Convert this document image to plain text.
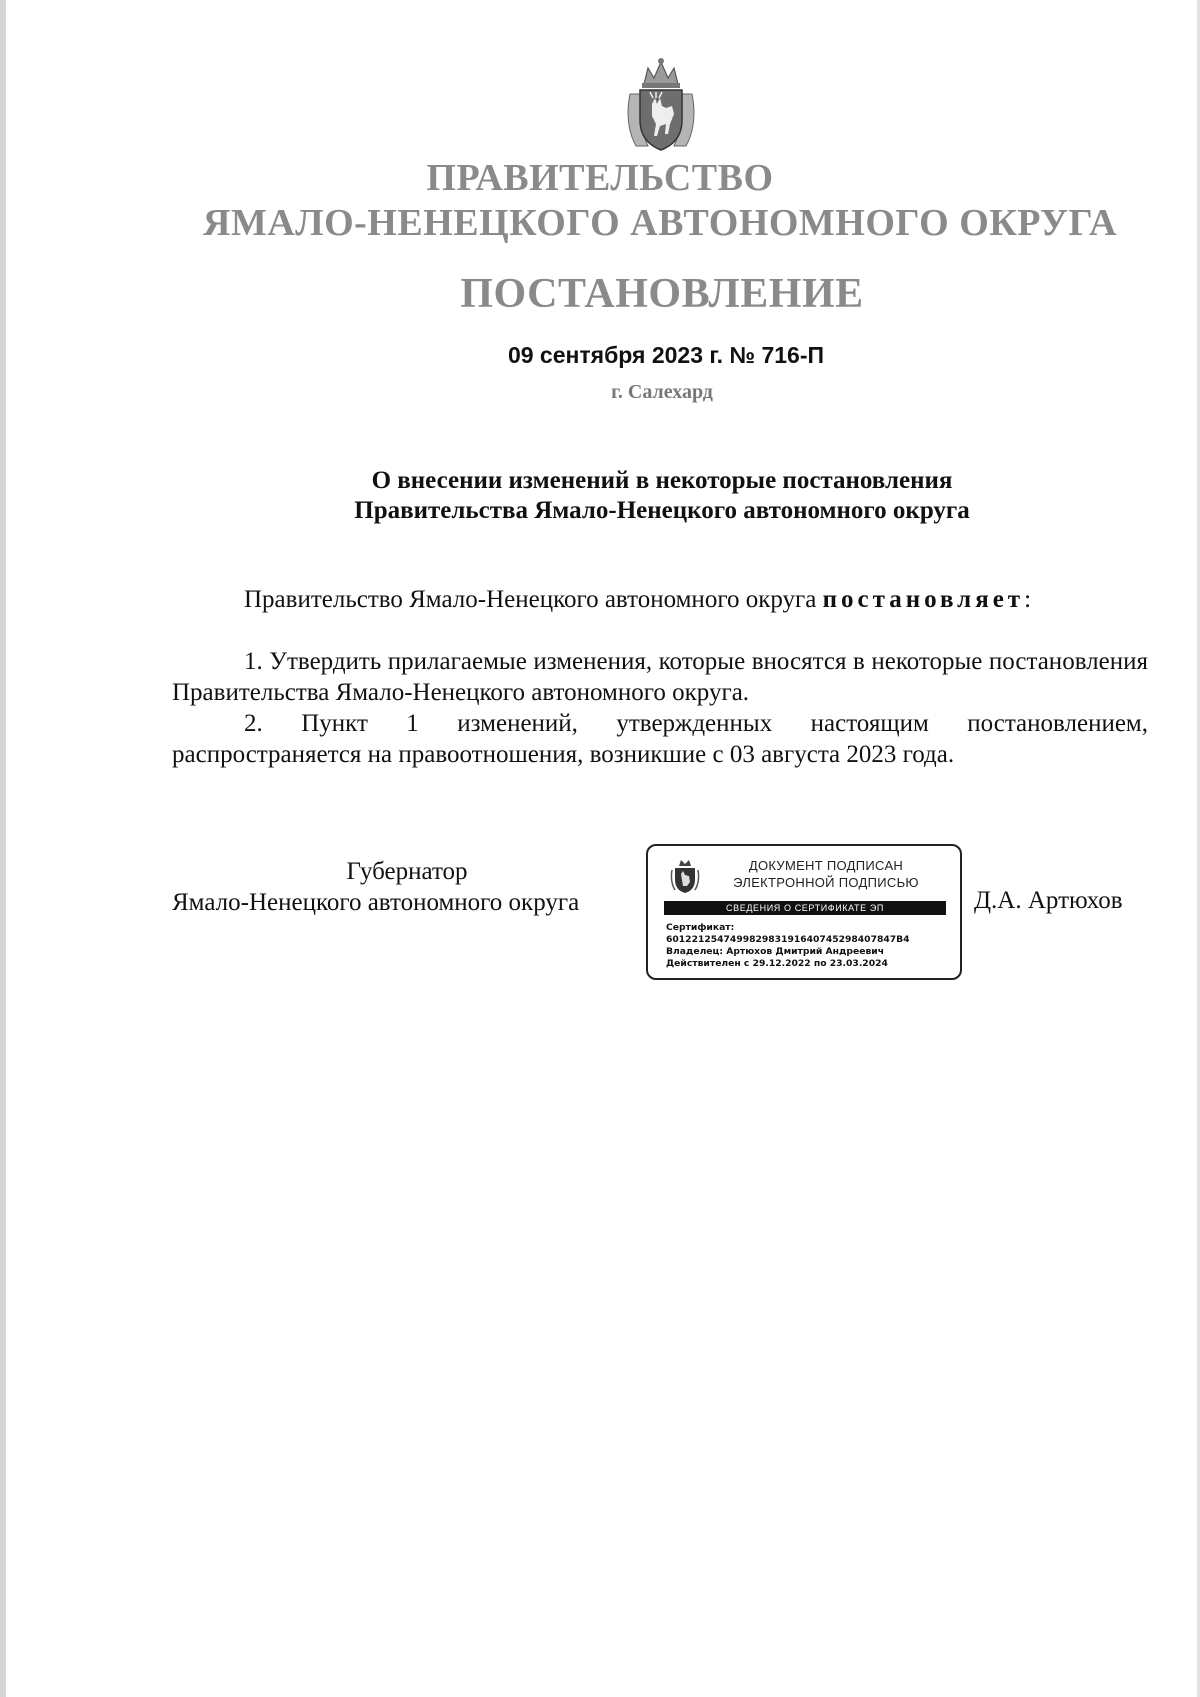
ПРАВИТЕЛЬСТВО
ЯМАЛО-НЕНЕЦКОГО АВТОНОМНОГО ОКРУГА
ПОСТАНОВЛЕНИЕ
09 сентября 2023 г. № 716-П
г. Салехард
О внесении изменений в некоторые постановления
Правительства Ямало-Ненецкого автономного округа
Правительство Ямало-Ненецкого автономного округа постановляет:
1. Утвердить прилагаемые изменения, которые вносятся в некоторые постановления Правительства Ямало-Ненецкого автономного округа.
2. Пункт 1 изменений, утвержденных настоящим постановлением, распространяется на правоотношения, возникшие с 03 августа 2023 года.
Губернатор
Ямало-Ненецкого автономного округа
ДОКУМЕНТ ПОДПИСАН
ЭЛЕКТРОННОЙ ПОДПИСЬЮ
СВЕДЕНИЯ О СЕРТИФИКАТЕ ЭП
Сертификат:
601221254749982983191640745298407847B4
Владелец: Артюхов Дмитрий Андреевич
Действителен с 29.12.2022 по 23.03.2024
Д.А. Артюхов
